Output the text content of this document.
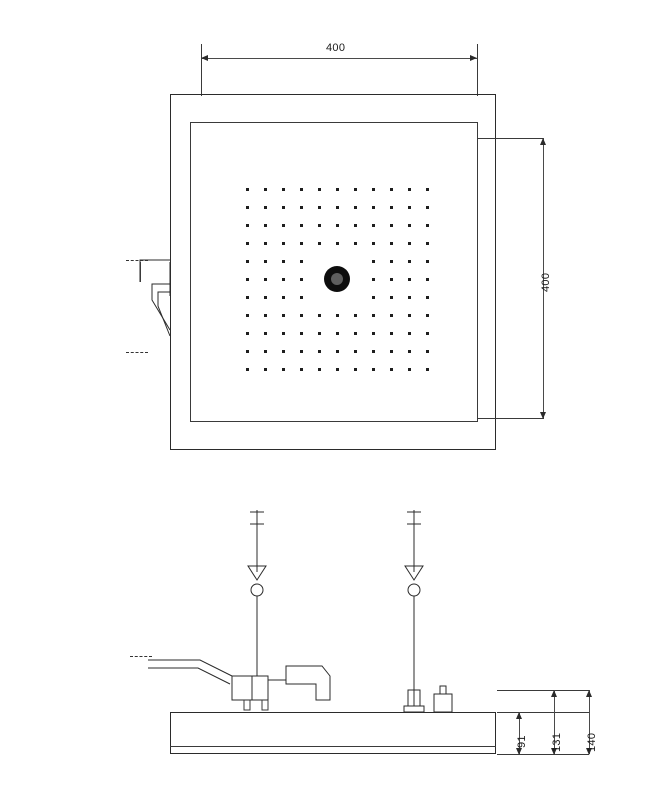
400
400
91 131 140
